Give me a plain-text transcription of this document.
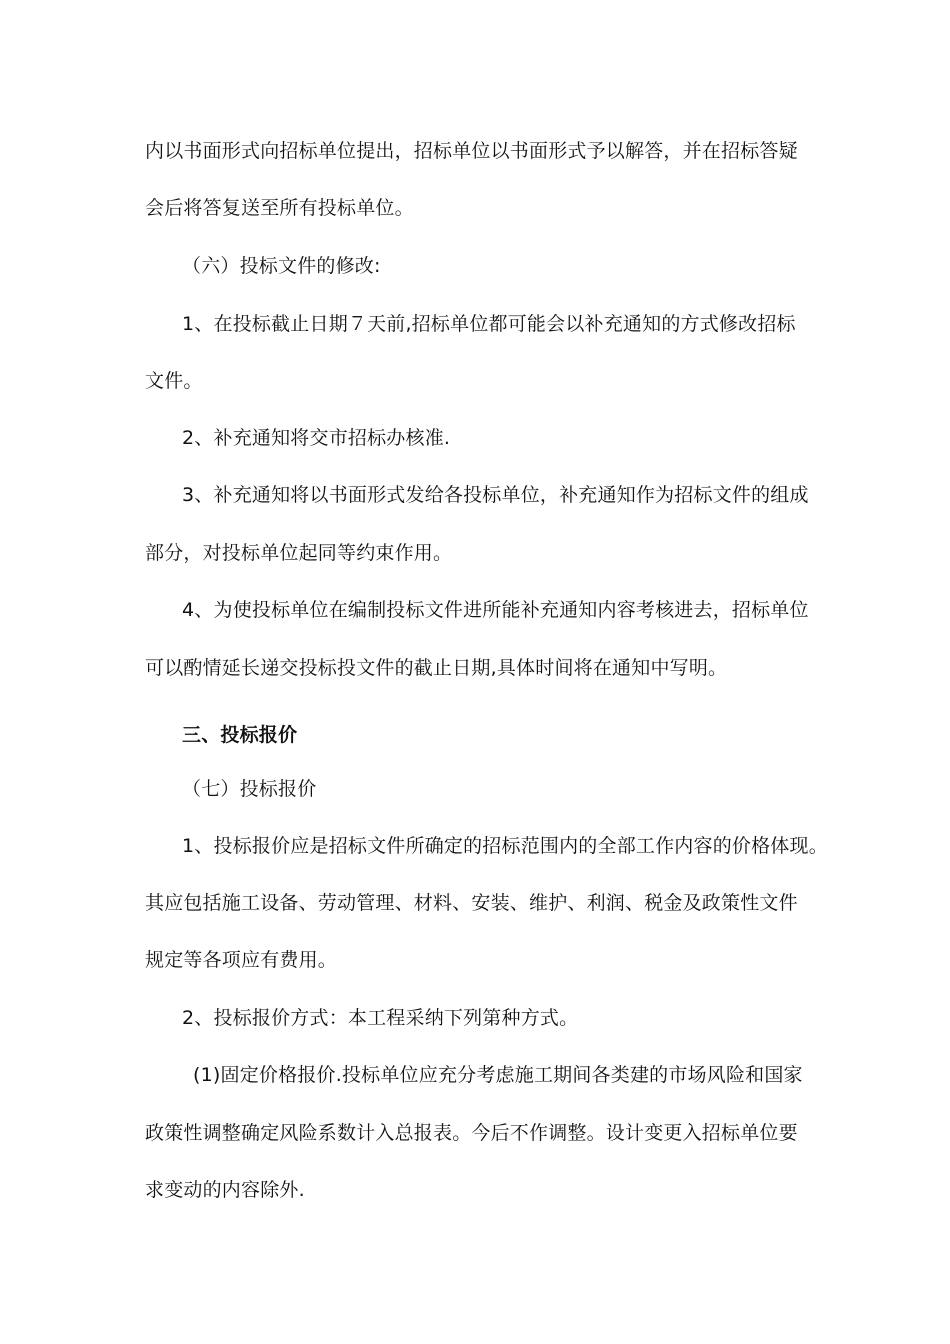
内以书面形式向招标单位提出，招标单位以书面形式予以解答，并在招标答疑
会后将答复送至所有投标单位。
（六）投标文件的修改:
1、在投标截止日期７天前,招标单位都可能会以补充通知的方式修改招标
文件。
2、补充通知将交市招标办核准.
3、补充通知将以书面形式发给各投标单位，补充通知作为招标文件的组成
部分，对投标单位起同等约束作用。
4、为使投标单位在编制投标文件进所能补充通知内容考核进去，招标单位
可以酌情延长递交投标投文件的截止日期,具体时间将在通知中写明。
三、投标报价
（七）投标报价
1、投标报价应是招标文件所确定的招标范围内的全部工作内容的价格体现。
其应包括施工设备、劳动管理、材料、安装、维护、利润、税金及政策性文件
规定等各项应有费用。
2、投标报价方式：本工程采纳下列第种方式。
(1)固定价格报价.投标单位应充分考虑施工期间各类建的市场风险和国家
政策性调整确定风险系数计入总报表。今后不作调整。设计变更入招标单位要
求变动的内容除外.
